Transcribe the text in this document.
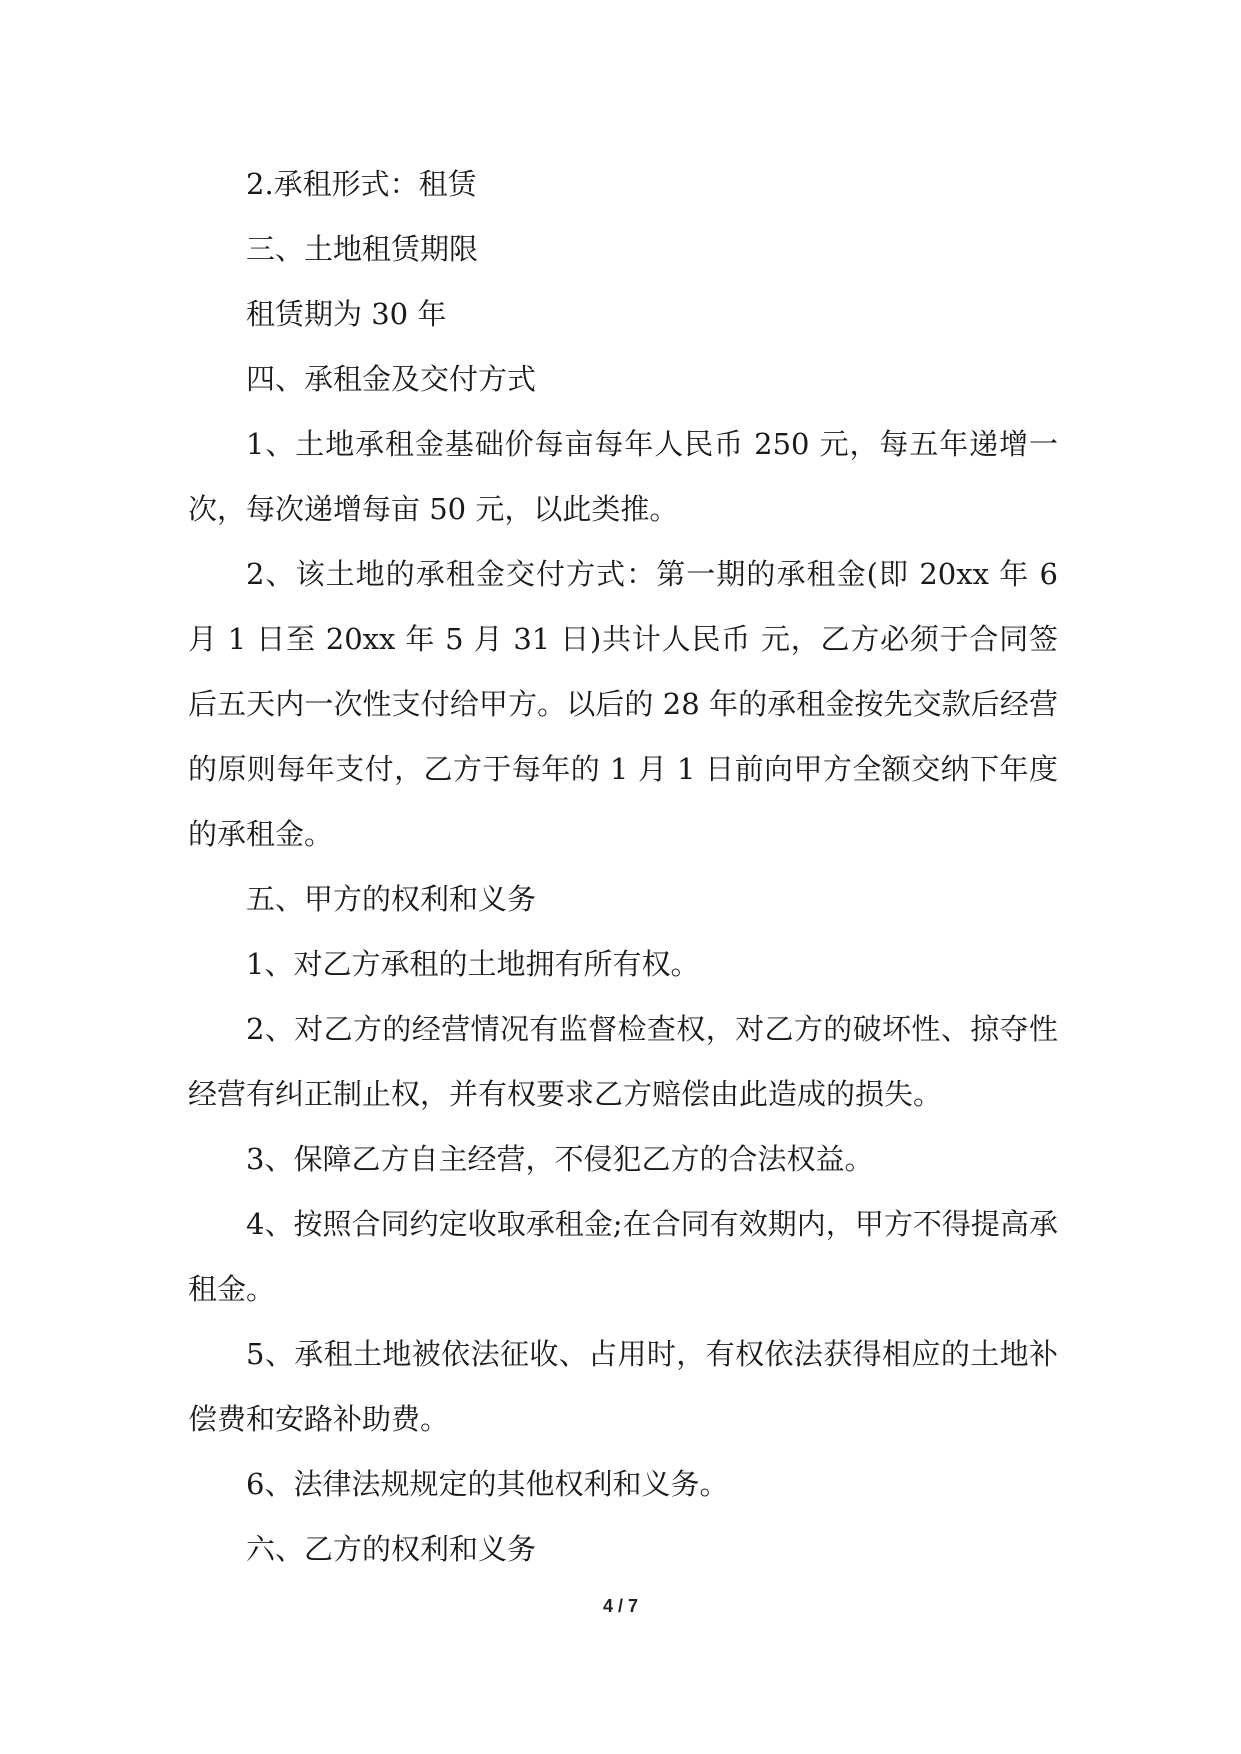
2.承租形式：租赁

三、土地租赁期限

租赁期为 30 年

四、承租金及交付方式

1、土地承租金基础价每亩每年人民币 250 元，每五年递增一次，每次递增每亩 50 元，以此类推。

2、该土地的承租金交付方式：第一期的承租金(即 20xx 年 6 月 1 日至 20xx 年 5 月 31 日)共计人民币 元，乙方必须于合同签后五天内一次性支付给甲方。以后的 28 年的承租金按先交款后经营的原则每年支付，乙方于每年的 1 月 1 日前向甲方全额交纳下年度的承租金。

五、甲方的权利和义务

1、对乙方承租的土地拥有所有权。

2、对乙方的经营情况有监督检查权，对乙方的破坏性、掠夺性经营有纠正制止权，并有权要求乙方赔偿由此造成的损失。

3、保障乙方自主经营，不侵犯乙方的合法权益。

4、按照合同约定收取承租金;在合同有效期内，甲方不得提高承租金。

5、承租土地被依法征收、占用时，有权依法获得相应的土地补偿费和安路补助费。

6、法律法规规定的其他权利和义务。

六、乙方的权利和义务

4 / 7
